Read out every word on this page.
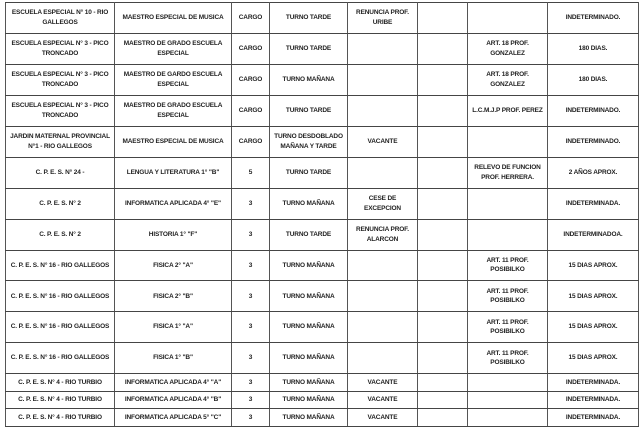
ESCUELA ESPECIAL N° 10 - RIO GALLEGOS	MAESTRO ESPECIAL DE MUSICA	CARGO	TURNO TARDE	RENUNCIA PROF. URIBE			INDETERMINADO.
ESCUELA ESPECIAL N° 3 - PICO TRONCADO	MAESTRO DE GRADO ESCUELA ESPECIAL	CARGO	TURNO TARDE			ART. 18 PROF. GONZALEZ	180 DIAS.
ESCUELA ESPECIAL N° 3 - PICO TRONCADO	MAESTRO DE GARDO ESCUELA ESPECIAL	CARGO	TURNO MAÑANA			ART. 18 PROF. GONZALEZ	180 DIAS.
ESCUELA ESPECIAL N° 3 - PICO TRONCADO	MAESTRO DE GRADO ESCUELA ESPECIAL	CARGO	TURNO TARDE			L.C.M.J.P PROF. PEREZ	INDETERMINADO.
JARDIN MATERNAL PROVINCIAL N°1 - RIO GALLEGOS	MAESTRO ESPECIAL DE MUSICA	CARGO	TURNO DESDOBLADO MAÑANA Y TARDE	VACANTE			INDETERMINADO.
C. P. E. S. N° 24 -	LENGUA Y LITERATURA 1° "B"	5	TURNO TARDE			RELEVO DE FUNCION PROF. HERRERA.	2 AÑOS APROX.
C. P. E. S. N° 2	INFORMATICA APLICADA 4° "E"	3	TURNO MAÑANA	CESE DE EXCEPCION			INDETERMINADA.
C. P. E. S. N° 2	HISTORIA 1° "F"	3	TURNO TARDE	RENUNCIA PROF. ALARCON			INDETERMINADOA.
C. P. E. S. N° 16 - RIO GALLEGOS	FISICA 2° "A"	3	TURNO MAÑANA			ART. 11 PROF. POSIBILKO	15 DIAS APROX.
C. P. E. S. N° 16 - RIO GALLEGOS	FISICA 2° "B"	3	TURNO MAÑANA			ART. 11 PROF. POSIBILKO	15 DIAS APROX.
C. P. E. S. N° 16 - RIO GALLEGOS	FISICA 1° "A"	3	TURNO MAÑANA			ART. 11 PROF. POSIBILKO	15 DIAS APROX.
C. P. E. S. N° 16 - RIO GALLEGOS	FISICA 1° "B"	3	TURNO MAÑANA			ART. 11 PROF. POSIBILKO	15 DIAS APROX.
C. P. E. S. N° 4 - RIO TURBIO	INFORMATICA APLICADA 4° "A"	3	TURNO MAÑANA	VACANTE			INDETERMINADA.
C. P. E. S. N° 4 - RIO TURBIO	INFORMATICA APLICADA 4° "B"	3	TURNO MAÑANA	VACANTE			INDETERMINADA.
C. P. E. S. N° 4 - RIO TURBIO	INFORMATICA APLICADA 5° "C"	3	TURNO MAÑANA	VACANTE			INDETERMINADA.
